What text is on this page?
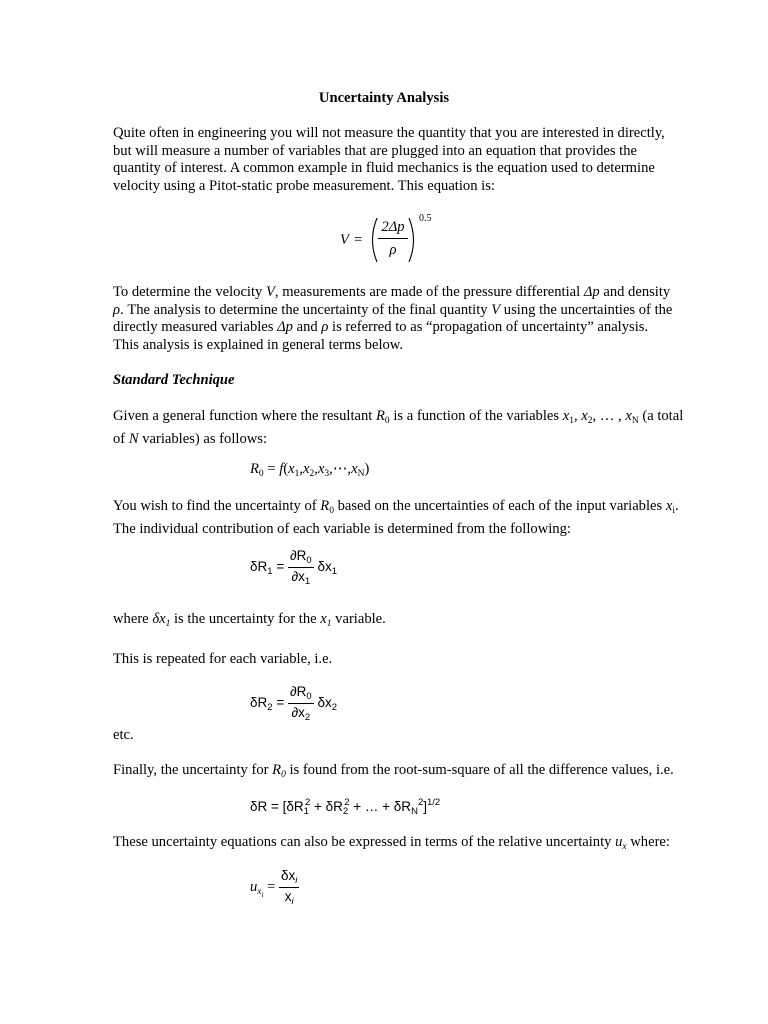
Uncertainty Analysis

Quite often in engineering you will not measure the quantity that you are interested in directly,
but will measure a number of variables that are plugged into an equation that provides the
quantity of interest. A common example in fluid mechanics is the equation used to determine
velocity using a Pitot-static probe measurement. This equation is:

V =
2Δp
ρ
0.5

To determine the velocity V, measurements are made of the pressure differential Δp and density
ρ. The analysis to determine the uncertainty of the final quantity V using the uncertainties of the
directly measured variables Δp and ρ is referred to as “propagation of uncertainty” analysis.
This analysis is explained in general terms below.

Standard Technique

Given a general function where the resultant $R_0$ is a function of the variables $x_1$, $x_2$, … , $x_N$ (a total
of N variables) as follows:

$R_0$ = $f(x_1,x_2,x_3,\cdots,x_N)$

You wish to find the uncertainty of $R_0$ based on the uncertainties of each of the input variables $x_i$.
The individual contribution of each variable is determined from the following:

$\delta R_1 = \frac{\partial R_0}{\partial x_1} \delta x_1$

where $\delta x_1$ is the uncertainty for the $x_1$ variable.

This is repeated for each variable, i.e.

$\delta R_2 = \frac{\partial R_0}{\partial x_2} \delta x_2$

etc.

Finally, the uncertainty for $R_0$ is found from the root-sum-square of all the difference values, i.e.

$\delta R = [\delta R_1^2 + \delta R_2^2$ + … + $\delta R_N^2]^{1/2}$

These uncertainty equations can also be expressed in terms of the relative uncertainty $u_x$ where:

$u_{xi} = \frac{\delta x_i}{x_i}$
